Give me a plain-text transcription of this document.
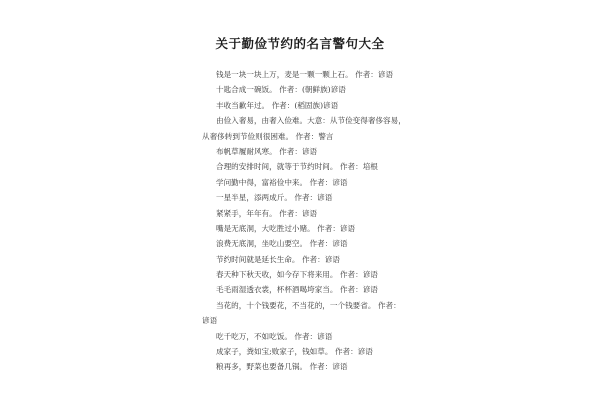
关于勤俭节约的名言警句大全
钱是一块一块上万，麦是一颗一颗上石。 作者：谚语
十匙合成一碗饭。 作者：(朝鲜族)谚语
丰收当歉年过。 作者：(稻固族)谚语
由俭入奢易，由奢入俭难。大意：从节俭变得奢侈容易，
从奢侈转到节俭则很困难。 作者：警言
布帆草履耐风寒。 作者：谚语
合理的安排时间，就等于节约时间。 作者：培根
学问勤中得，富裕俭中来。 作者：谚语
一星半星，添两成斤。 作者：谚语
紧紧手，年年有。 作者：谚语
嘴是无底洞，大吃胜过小赌。 作者：谚语
浪费无底洞，坐吃山要空。 作者：谚语
节约时间就是延长生命。 作者：谚语
春天种下秋天收，如今存下将来用。 作者：谚语
毛毛雨湿透衣裳，杯杯酒喝垮家当。 作者：谚语
当花的，十个钱要花，不当花的，一个钱要省。 作者：
谚语
吃千吃万，不如吃饭。 作者：谚语
成家子，粪如宝;败家子，钱如草。 作者：谚语
粮再多，野菜也要备几锅。 作者：谚语
